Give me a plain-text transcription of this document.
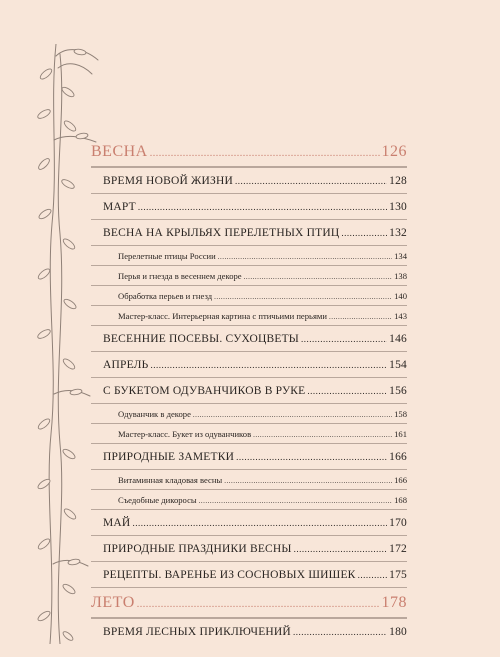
ВЕСНА .....	126
ВРЕМЯ НОВОЙ ЖИЗНИ .....	128
МАРТ .....	130
ВЕСНА НА КРЫЛЬЯХ ПЕРЕЛЕТНЫХ ПТИЦ .....	132
Перелетные птицы России .....	134
Перья и гнезда в весеннем декоре .....	138
Обработка перьев и гнезд .....	140
Мастер-класс. Интерьерная картина с птичьими перьями .....	143
ВЕСЕННИЕ ПОСЕВЫ. СУХОЦВЕТЫ .....	146
АПРЕЛЬ .....	154
С БУКЕТОМ ОДУВАНЧИКОВ В РУКЕ .....	156
Одуванчик в декоре .....	158
Мастер-класс. Букет из одуванчиков .....	161
ПРИРОДНЫЕ ЗАМЕТКИ .....	166
Витаминная кладовая весны .....	166
Съедобные дикоросы .....	168
МАЙ .....	170
ПРИРОДНЫЕ ПРАЗДНИКИ ВЕСНЫ .....	172
РЕЦЕПТЫ. ВАРЕНЬЕ ИЗ СОСНОВЫХ ШИШЕК .....	175
ЛЕТО .....	178
ВРЕМЯ ЛЕСНЫХ ПРИКЛЮЧЕНИЙ .....	180
